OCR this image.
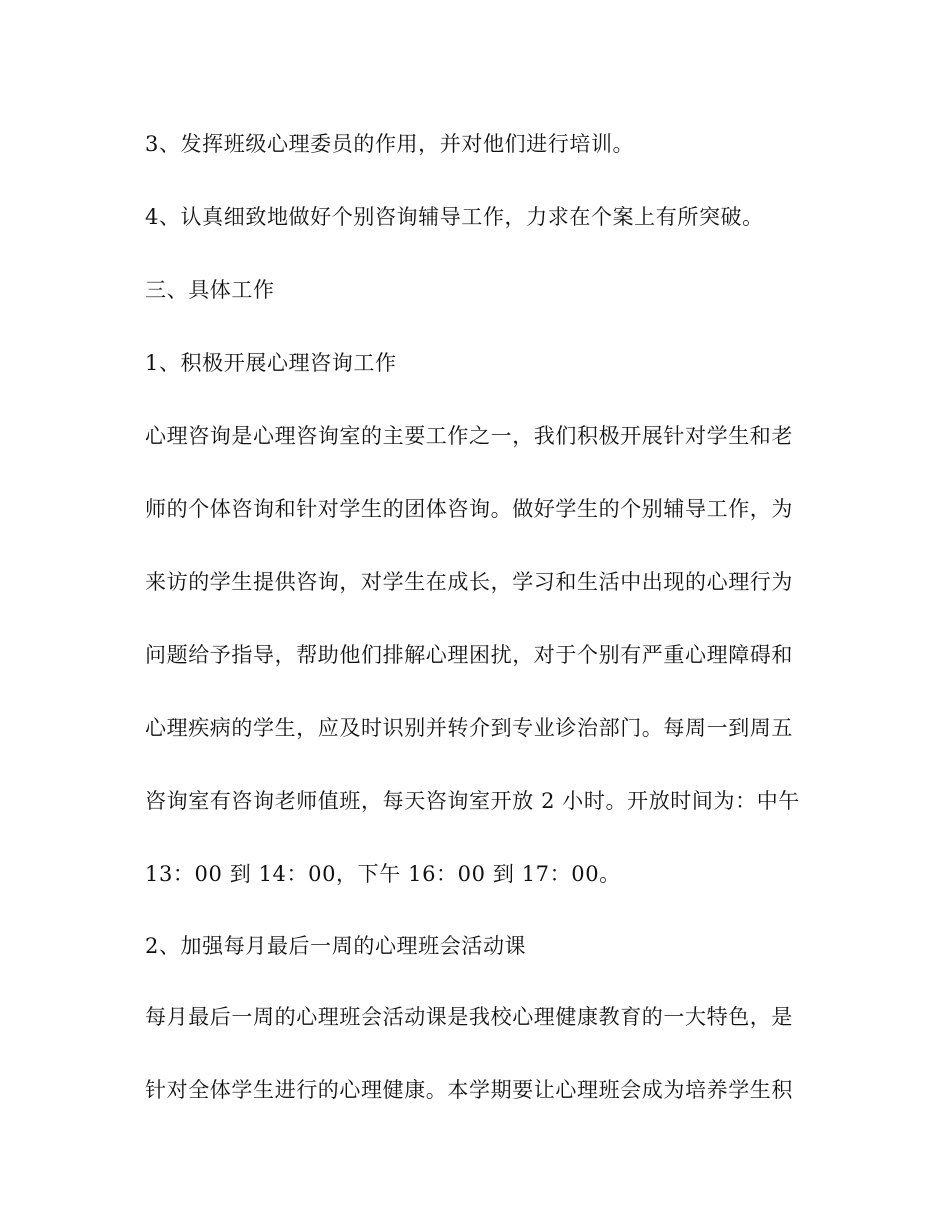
3、发挥班级心理委员的作用，并对他们进行培训。
4、认真细致地做好个别咨询辅导工作，力求在个案上有所突破。
三、具体工作
1、积极开展心理咨询工作
心理咨询是心理咨询室的主要工作之一，我们积极开展针对学生和老
师的个体咨询和针对学生的团体咨询。做好学生的个别辅导工作，为
来访的学生提供咨询，对学生在成长，学习和生活中出现的心理行为
问题给予指导，帮助他们排解心理困扰，对于个别有严重心理障碍和
心理疾病的学生，应及时识别并转介到专业诊治部门。每周一到周五
咨询室有咨询老师值班，每天咨询室开放 2 小时。开放时间为：中午
13：00 到 14：00，下午 16：00 到 17：00。
2、加强每月最后一周的心理班会活动课
每月最后一周的心理班会活动课是我校心理健康教育的一大特色，是
针对全体学生进行的心理健康。本学期要让心理班会成为培养学生积
